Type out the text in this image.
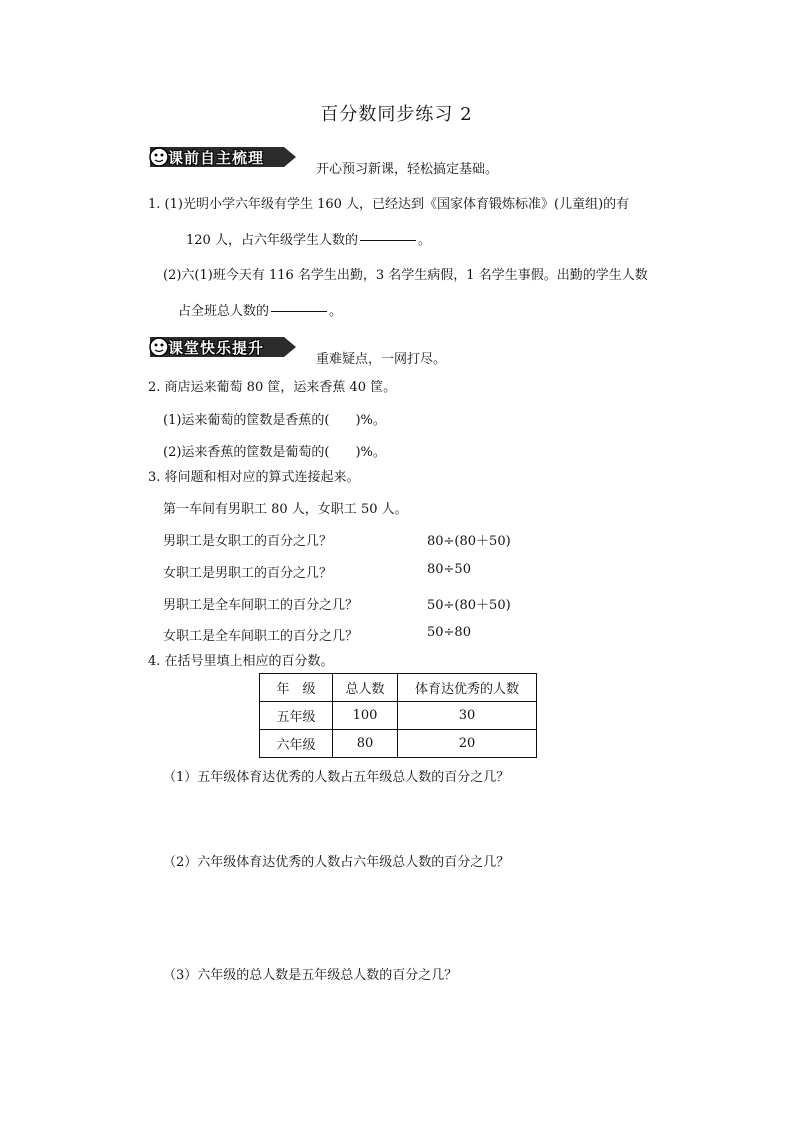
百分数同步练习 2
课前自主梳理
开心预习新课，轻松搞定基础。
1. (1)光明小学六年级有学生 160 人，已经达到《国家体育锻炼标准》(儿童组)的有
120 人，占六年级学生人数的	。
(2)六(1)班今天有 116 名学生出勤，3 名学生病假，1 名学生事假。出勤的学生人数
占全班总人数的	。
课堂快乐提升
重难疑点，一网打尽。
2. 商店运来葡萄 80 筐，运来香蕉 40 筐。
(1)运来葡萄的筐数是香蕉的(　　)%。
(2)运来香蕉的筐数是葡萄的(　　)%。
3. 将问题和相对应的算式连接起来。
第一车间有男职工 80 人，女职工 50 人。
男职工是女职工的百分之几？
女职工是男职工的百分之几？
男职工是全车间职工的百分之几？
女职工是全车间职工的百分之几？
80÷(80＋50)
80÷50
50÷(80＋50)
50÷80
4. 在括号里填上相应的百分数。
年　级	总人数	体育达优秀的人数
五年级	100	30
六年级	80	20
（1）五年级体育达优秀的人数占五年级总人数的百分之几？
（2）六年级体育达优秀的人数占六年级总人数的百分之几？
（3）六年级的总人数是五年级总人数的百分之几？
